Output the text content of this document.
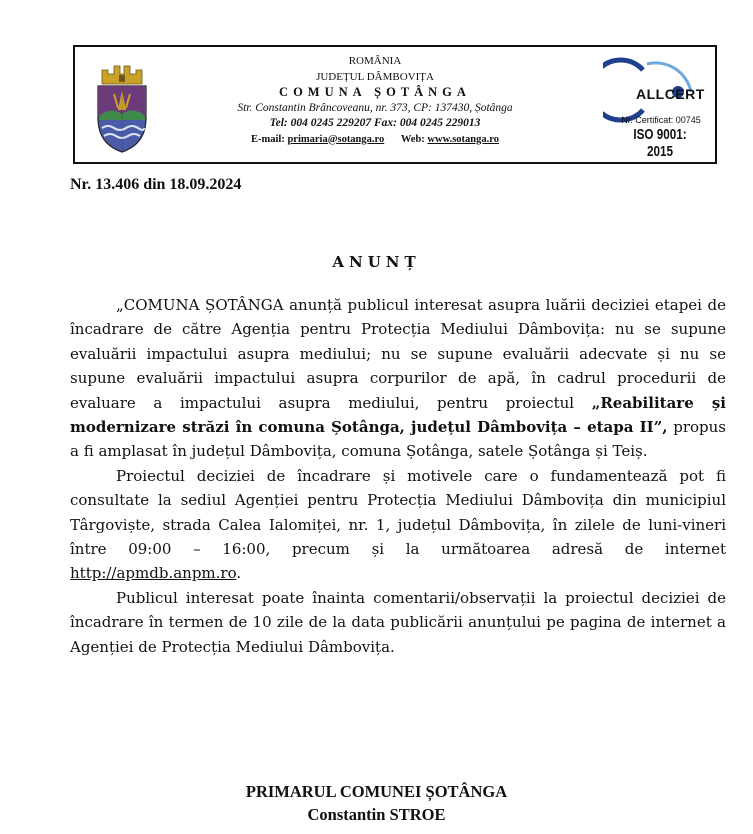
ROMÂNIA
JUDEȚUL DÂMBOVIȚA
COMUNA ȘOTÂNGA
Str. Constantin Brâncoveanu, nr. 373, CP: 137430, Șotânga
Tel: 004 0245 229207 Fax: 004 0245 229013
E-mail: primaria@sotanga.ro Web: www.sotanga.ro
ALLCERT
Nr. Certificat: 00745
ISO 9001: 2015
Nr. 13.406 din 18.09.2024
ANUNȚ

„COMUNA ȘOTÂNGA anunță publicul interesat asupra luării deciziei etapei de încadrare de către Agenția pentru Protecția Mediului Dâmbovița: nu se supune evaluării impactului asupra mediului; nu se supune evaluării adecvate și nu se supune evaluării impactului asupra corpurilor de apă, în cadrul procedurii de evaluare a impactului asupra mediului, pentru proiectul „Reabilitare și modernizare străzi în comuna Șotânga, județul Dâmbovița – etapa II”, propus a fi amplasat în județul Dâmbovița, comuna Șotânga, satele Șotânga și Teiș.

Proiectul deciziei de încadrare și motivele care o fundamentează pot fi consultate la sediul Agenției pentru Protecția Mediului Dâmbovița din municipiul Târgoviște, strada Calea Ialomiței, nr. 1, județul Dâmbovița, în zilele de luni-vineri între 09:00 – 16:00, precum și la următoarea adresă de internet http://apmdb.anpm.ro.

Publicul interesat poate înainta comentarii/observații la proiectul deciziei de încadrare în termen de 10 zile de la data publicării anunțului pe pagina de internet a Agenției de Protecția Mediului Dâmbovița.

PRIMARUL COMUNEI ȘOTÂNGA
Constantin STROE
